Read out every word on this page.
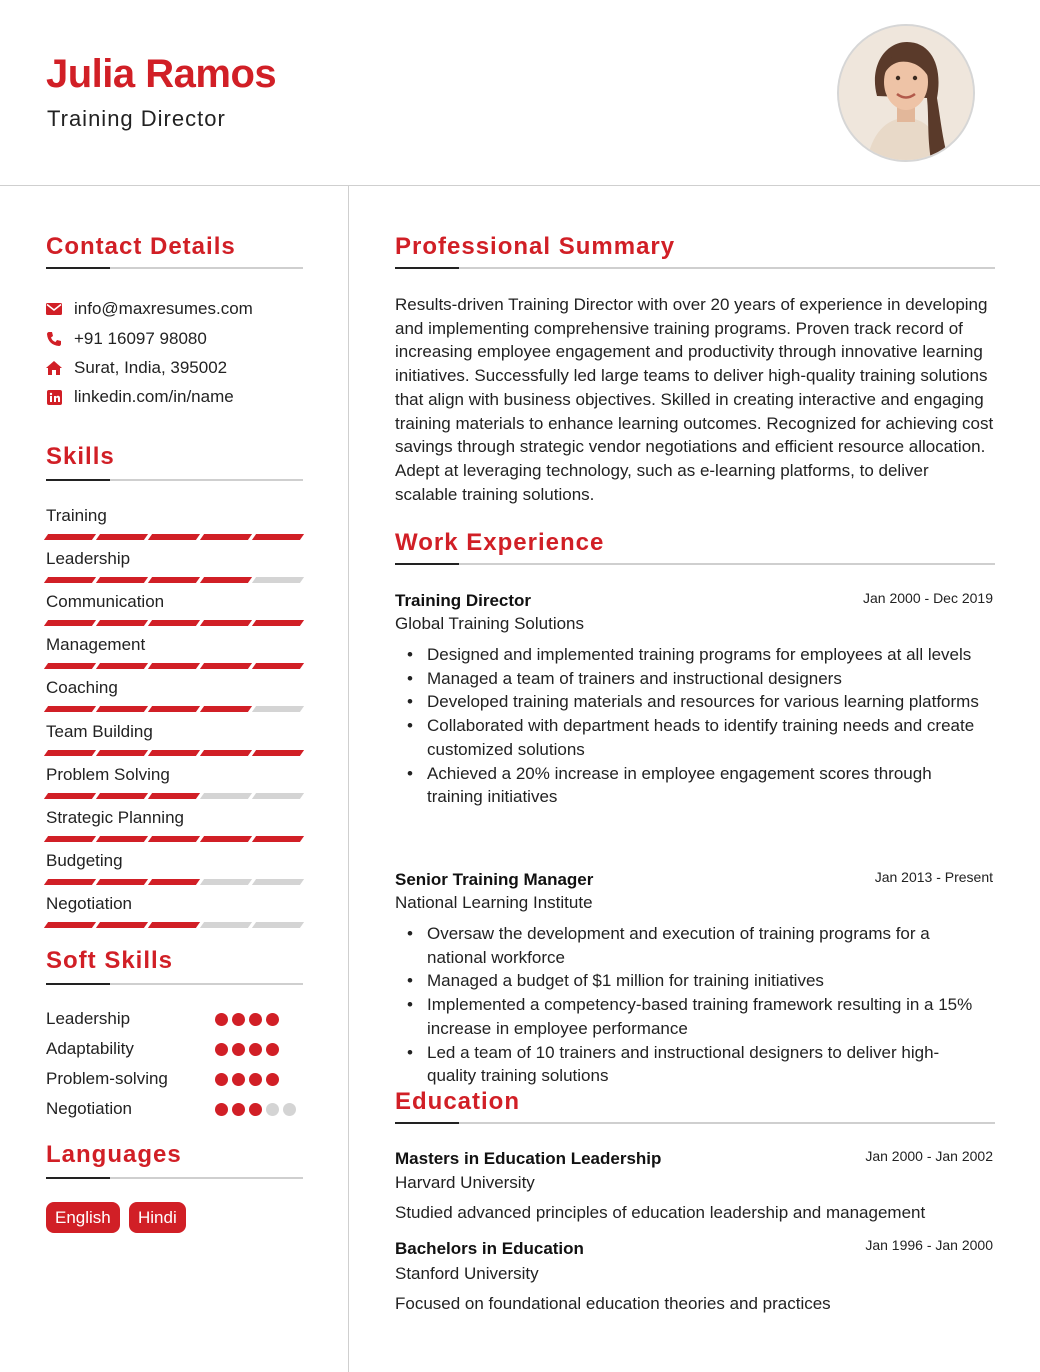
Julia Ramos
Training Director
Contact Details
info@maxresumes.com
+91 16097 98080
Surat, India, 395002
linkedin.com/in/name
Skills
Training
Leadership
Communication
Management
Coaching
Team Building
Problem Solving
Strategic Planning
Budgeting
Negotiation
Soft Skills
Leadership
Adaptability
Problem-solving
Negotiation
Languages
English	Hindi
Professional Summary

Results-driven Training Director with over 20 years of experience in developing and implementing comprehensive training programs. Proven track record of increasing employee engagement and productivity through innovative learning initiatives. Successfully led large teams to deliver high-quality training solutions that align with business objectives. Skilled in creating interactive and engaging training materials to enhance learning outcomes. Recognized for achieving cost savings through strategic vendor negotiations and efficient resource allocation. Adept at leveraging technology, such as e-learning platforms, to deliver scalable training solutions.

Work Experience
Training Director	Jan 2000 - Dec 2019
Global Training Solutions
• Designed and implemented training programs for employees at all levels
• Managed a team of trainers and instructional designers
• Developed training materials and resources for various learning platforms
• Collaborated with department heads to identify training needs and create customized solutions
• Achieved a 20% increase in employee engagement scores through training initiatives
Senior Training Manager	Jan 2013 - Present
National Learning Institute
• Oversaw the development and execution of training programs for a national workforce
• Managed a budget of $1 million for training initiatives
• Implemented a competency-based training framework resulting in a 15% increase in employee performance
• Led a team of 10 trainers and instructional designers to deliver high-quality training solutions
Education
Masters in Education Leadership	Jan 2000 - Jan 2002
Harvard University
Studied advanced principles of education leadership and management
Bachelors in Education	Jan 1996 - Jan 2000
Stanford University
Focused on foundational education theories and practices
